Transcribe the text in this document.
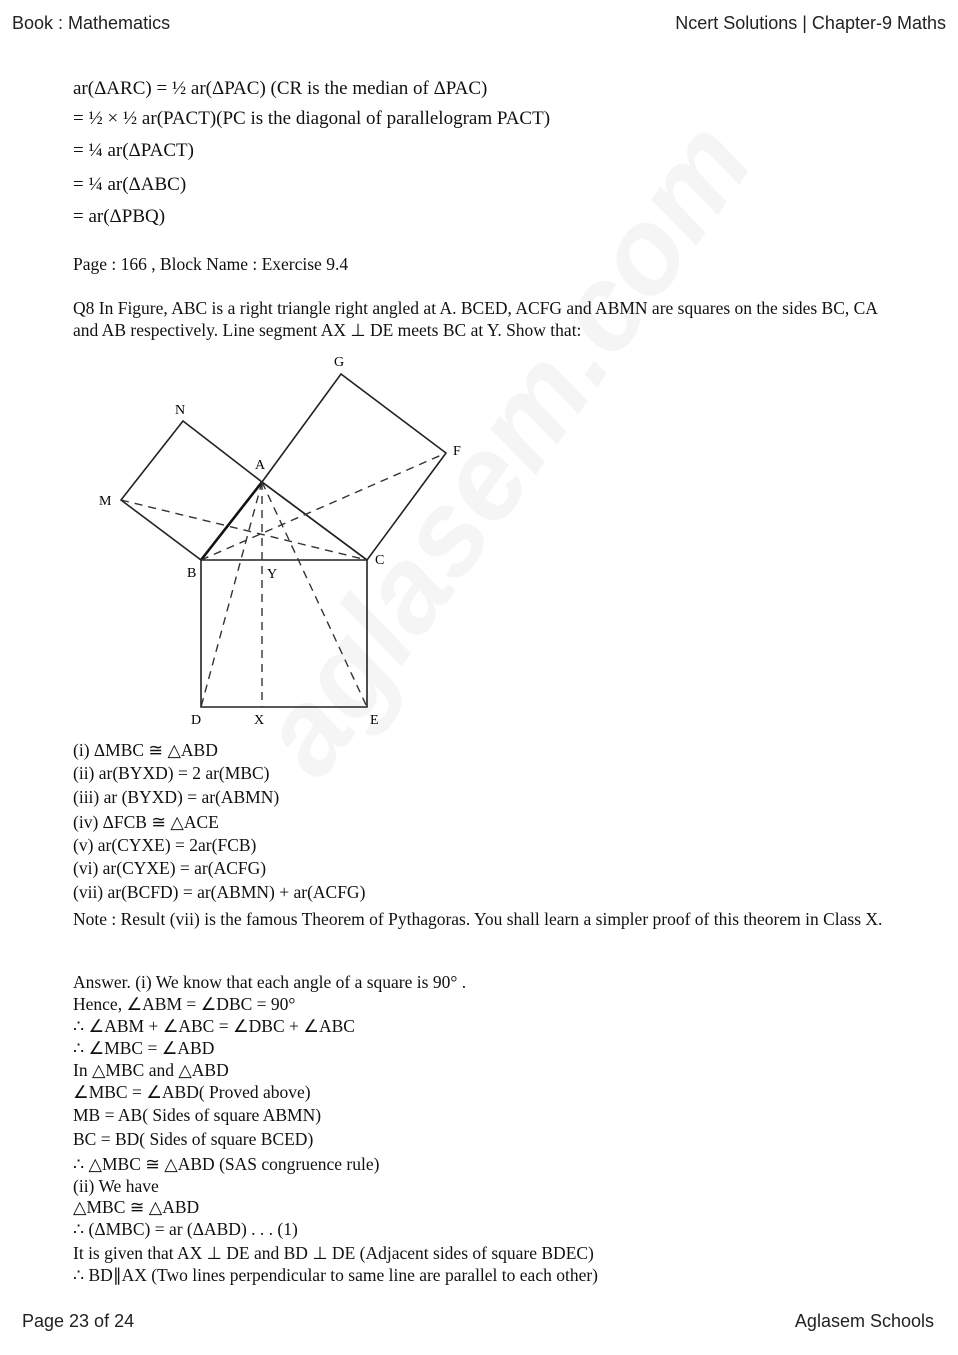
Book : Mathematics	Ncert Solutions | Chapter-9 Maths
ar(ΔARC) = ½ ar(ΔPAC) (CR is the median of ΔPAC)
= ½ × ½ ar(PACT)(PC is the diagonal of parallelogram PACT)
= ¼ ar(ΔPACT)
= ¼ ar(ΔABC)
= ar(ΔPBQ)
Page : 166 , Block Name : Exercise 9.4
Q8 In Figure, ABC is a right triangle right angled at A. BCED, ACFG and ABMN are squares on the sides BC, CA and AB respectively. Line segment AX ⊥ DE meets BC at Y. Show that:
G
N
F
A
M
B	Y
C
D	X	E
(i) ΔMBC ≅ △ABD
(ii) ar(BYXD) = 2 ar(MBC)
(iii) ar (BYXD) = ar(ABMN)
(iv) ΔFCB ≅ △ACE
(v) ar(CYXE) = 2ar(FCB)
(vi) ar(CYXE) = ar(ACFG)
(vii) ar(BCFD) = ar(ABMN) + ar(ACFG)
Note : Result (vii) is the famous Theorem of Pythagoras. You shall learn a simpler proof of this theorem in Class X.
Answer. (i) We know that each angle of a square is 90° .
Hence, ∠ABM = ∠DBC = 90°
∴ ∠ABM + ∠ABC = ∠DBC + ∠ABC
∴ ∠MBC = ∠ABD
In △MBC and △ABD
∠MBC = ∠ABD( Proved above)
MB = AB( Sides of square ABMN)
BC = BD( Sides of square BCED)
∴ △MBC ≅ △ABD (SAS congruence rule)
(ii) We have
△MBC ≅ △ABD
∴ (ΔMBC) = ar (ΔABD) . . . (1)
It is given that AX ⊥ DE and BD ⊥ DE (Adjacent sides of square BDEC)
∴ BD∥AX (Two lines perpendicular to same line are parallel to each other)
Page 23 of 24	Aglasem Schools
